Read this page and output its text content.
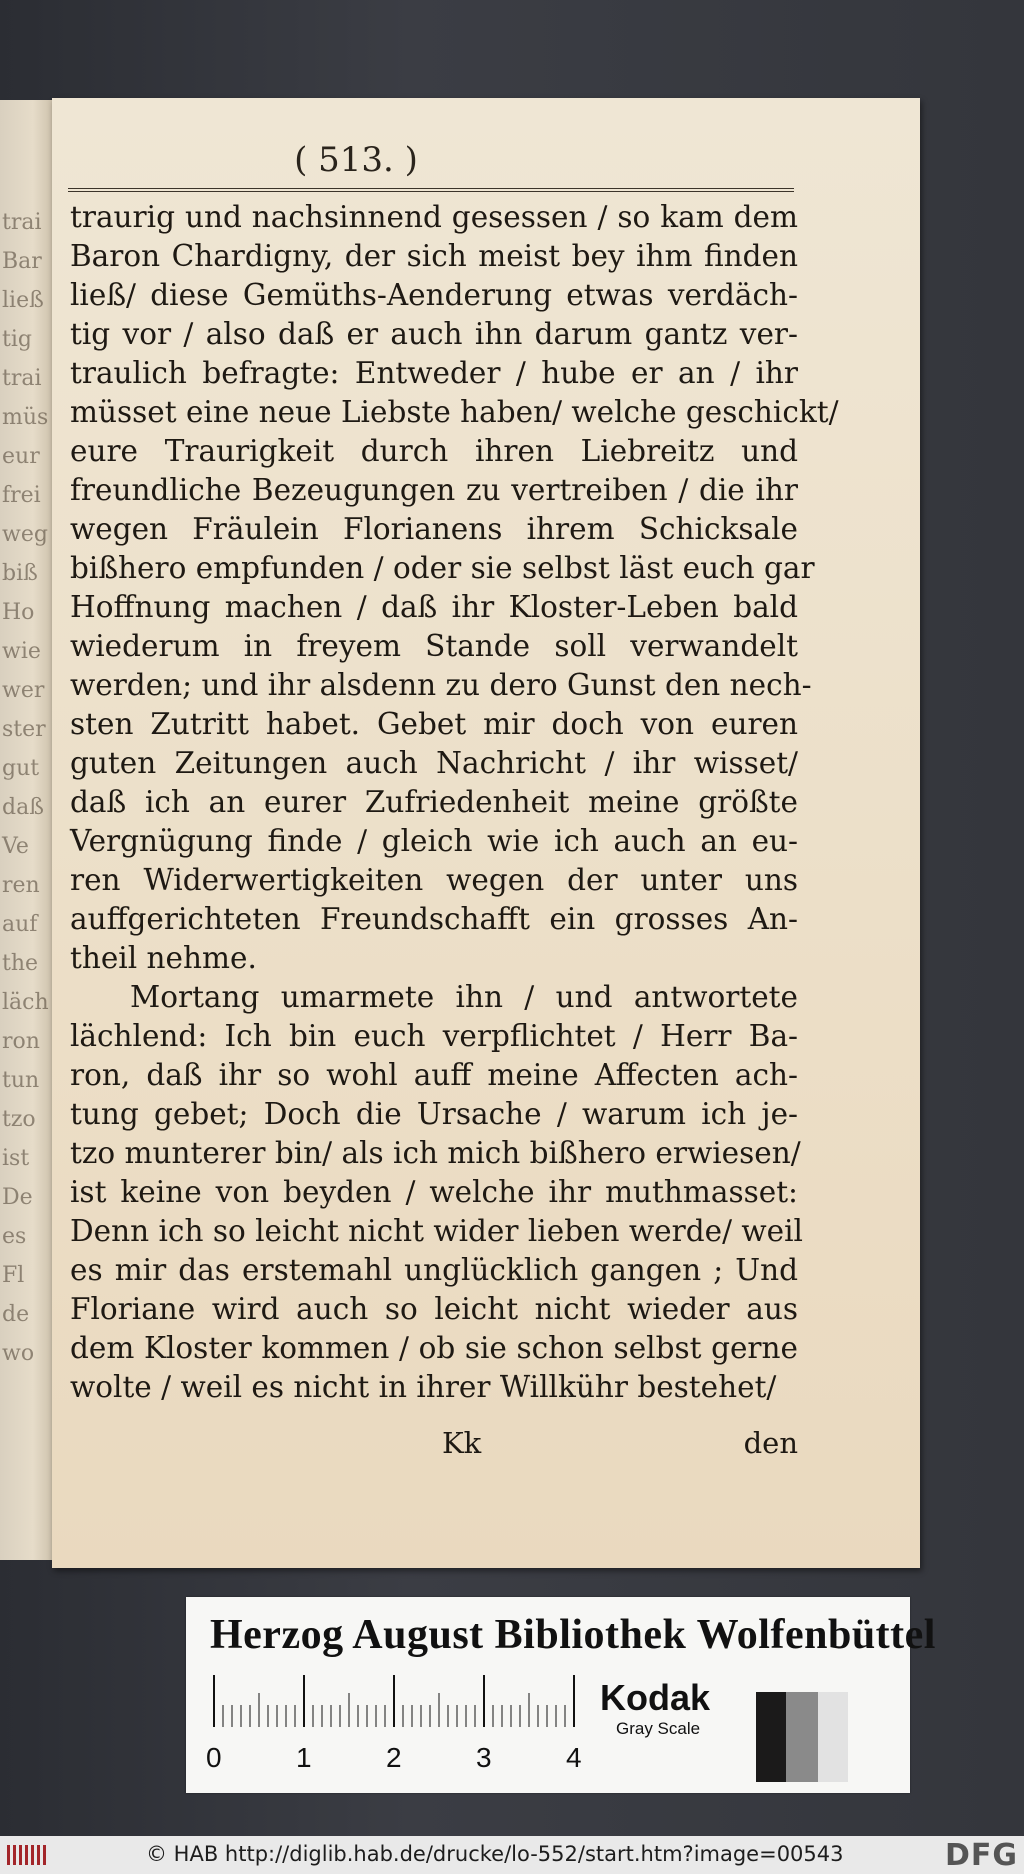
trai
Bar
ließ
tig
trai
müs
eur
frei
weg
biß
Ho
wie
wer
ster
gut
daß
Ve
ren
auf
the
läch
ron
tun
tzo
ist
De
es
Fl
de
wo
( 513. )
traurig und nachsinnend gesessen / so kam dem
Baron Chardigny, der sich meist bey ihm finden
ließ/ diese Gemüths-Aenderung etwas verdäch-
tig vor / also daß er auch ihn darum gantz ver-
traulich befragte: Entweder / hube er an / ihr
müsset eine neue Liebste haben/ welche geschickt/
eure Traurigkeit durch ihren Liebreitz und
freundliche Bezeugungen zu vertreiben / die ihr
wegen Fräulein Florianens ihrem Schicksale
bißhero empfunden / oder sie selbst läst euch gar
Hoffnung machen / daß ihr Kloster-Leben bald
wiederum in freyem Stande soll verwandelt
werden; und ihr alsdenn zu dero Gunst den nech-
sten Zutritt habet. Gebet mir doch von euren
guten Zeitungen auch Nachricht / ihr wisset/
daß ich an eurer Zufriedenheit meine größte
Vergnügung finde / gleich wie ich auch an eu-
ren Widerwertigkeiten wegen der unter uns
auffgerichteten Freundschafft ein grosses An-
theil nehme.
Mortang umarmete ihn / und antwortete
lächlend: Ich bin euch verpflichtet / Herr Ba-
ron, daß ihr so wohl auff meine Affecten ach-
tung gebet; Doch die Ursache / warum ich je-
tzo munterer bin/ als ich mich bißhero erwiesen/
ist keine von beyden / welche ihr muthmasset:
Denn ich so leicht nicht wider lieben werde/ weil
es mir das erstemahl unglücklich gangen ; Und
Floriane wird auch so leicht nicht wieder aus
dem Kloster kommen / ob sie schon selbst gerne
wolte / weil es nicht in ihrer Willkühr bestehet/
Kk	den
Herzog August Bibliothek Wolfenbüttel
0	1	2	3	4
Kodak
Gray Scale
© HAB http://diglib.hab.de/drucke/lo-552/start.htm?image=00543	DFG
